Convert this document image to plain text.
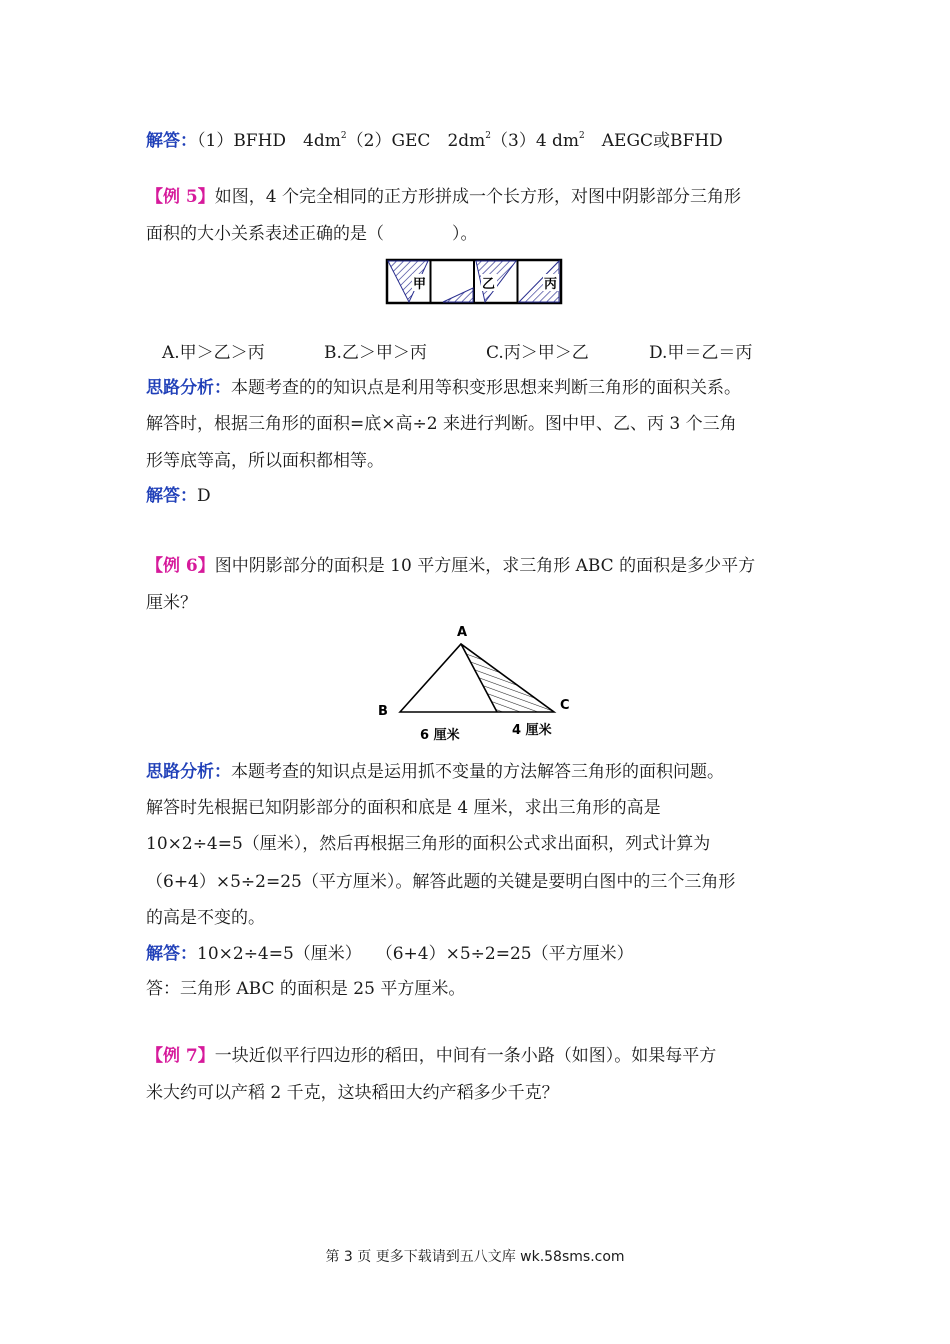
解答：（1）BFHD　$4dm^2(2)GEC$　$2dm^2(3)4$ $dm^2$　AEGC或BFHD
【例 5】如图，4 个完全相同的正方形拼成一个长方形，对图中阴影部分三角形
面积的大小关系表述正确的是（　　　　）。
甲	乙	丙
A.甲＞乙＞丙	B.乙＞甲＞丙	C.丙＞甲＞乙	D.甲＝乙＝丙
思路分析：本题考查的的知识点是利用等积变形思想来判断三角形的面积关系。
解答时，根据三角形的面积=底×高÷2 来进行判断。图中甲、乙、丙 3 个三角
形等底等高，所以面积都相等。
解答：D
【例 6】图中阴影部分的面积是 10 平方厘米，求三角形 ABC 的面积是多少平方
厘米？
A
B	C
6 厘米	4 厘米
思路分析：本题考查的知识点是运用抓不变量的方法解答三角形的面积问题。
解答时先根据已知阴影部分的面积和底是 4 厘米，求出三角形的高是
10×2÷4=5（厘米），然后再根据三角形的面积公式求出面积，列式计算为
（6+4）×5÷2=25（平方厘米）。解答此题的关键是要明白图中的三个三角形
的高是不变的。
解答：10×2÷4=5（厘米）　 （6+4）×5÷2=25（平方厘米）
答：三角形 ABC 的面积是 25 平方厘米。
【例 7】一块近似平行四边形的稻田，中间有一条小路（如图）。如果每平方
米大约可以产稻 2 千克，这块稻田大约产稻多少千克？
第 3 页 更多下载请到五八文库 wk.58sms.com
